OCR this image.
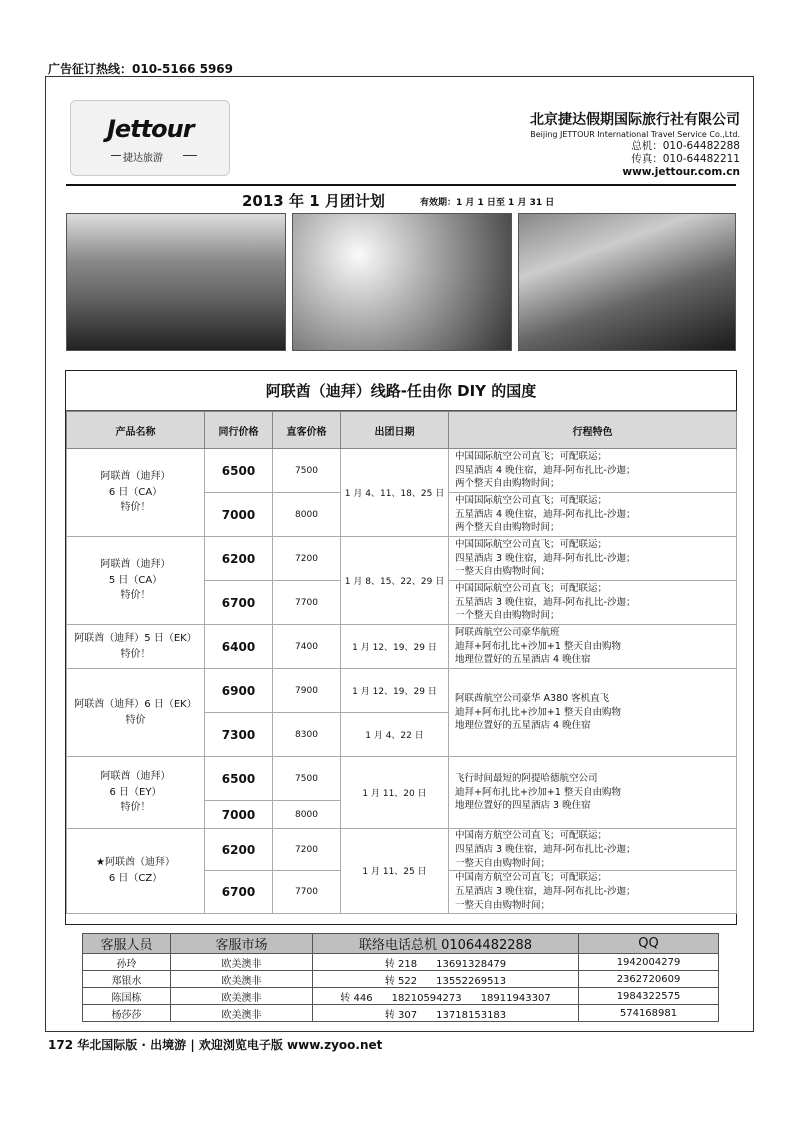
广告征订热线：010-5166 5969
Jettour
捷达旅游
北京捷达假期国际旅行社有限公司
Beijing JETTOUR International Travel Service Co.,Ltd.
总机：010-64482288
传真：010-64482211
www.jettour.com.cn
2013 年 1 月团计划	有效期：1 月 1 日至 1 月 31 日
阿联酋（迪拜）线路-任由你 DIY 的国度
产品名称	同行价格	直客价格	出团日期	行程特色
阿联酋（迪拜）
6 日（CA）
特价！	6500	7500	1 月 4、11、18、25 日	中国国际航空公司直飞；可配联运；
四星酒店 4 晚住宿，迪拜-阿布扎比-沙迦；
两个整天自由购物时间；
	7000	8000		中国国际航空公司直飞；可配联运；
五星酒店 4 晚住宿，迪拜-阿布扎比-沙迦；
两个整天自由购物时间；
阿联酋（迪拜）
5 日（CA）
特价！	6200	7200	1 月 8、15、22、29 日	中国国际航空公司直飞；可配联运；
四星酒店 3 晚住宿，迪拜-阿布扎比-沙迦；
一整天自由购物时间；
	6700	7700		中国国际航空公司直飞；可配联运；
五星酒店 3 晚住宿，迪拜-阿布扎比-沙迦；
一个整天自由购物时间；
阿联酋（迪拜）5 日（EK）
特价！	6400	7400	1 月 12、19、29 日	阿联酋航空公司豪华航班
迪拜+阿布扎比+沙加+1 整天自由购物
地理位置好的五星酒店 4 晚住宿
阿联酋（迪拜）6 日（EK）
特价	6900	7900	1 月 12、19、29 日	阿联酋航空公司豪华 A380 客机直飞
迪拜+阿布扎比+沙加+1 整天自由购物
地理位置好的五星酒店 4 晚住宿
	7300	8300	1 月 4、22 日	
阿联酋（迪拜）
6 日（EY）
特价！	6500	7500	1 月 11、20 日	飞行时间最短的阿提哈德航空公司
迪拜+阿布扎比+沙加+1 整天自由购物
地理位置好的四星酒店 3 晚住宿
	7000	8000		
★阿联酋（迪拜）
6 日（CZ）	6200	7200	1 月 11、25 日	中国南方航空公司直飞；可配联运；
四星酒店 3 晚住宿，迪拜-阿布扎比-沙迦；
一整天自由购物时间；
	6700	7700		中国南方航空公司直飞；可配联运；
五星酒店 3 晚住宿，迪拜-阿布扎比-沙迦；
一整天自由购物时间；
客服人员	客服市场	联络电话总机 01064482288	QQ
孙玲	欧美澳非	转 218      13691328479	1942004279
郑银水	欧美澳非	转 522      13552269513	2362720609
陈国栋	欧美澳非	转 446      18210594273      18911943307	1984322575
杨莎莎	欧美澳非	转 307      13718153183	574168981
172 华北国际版 · 出境游 | 欢迎浏览电子版 www.zyoo.net
